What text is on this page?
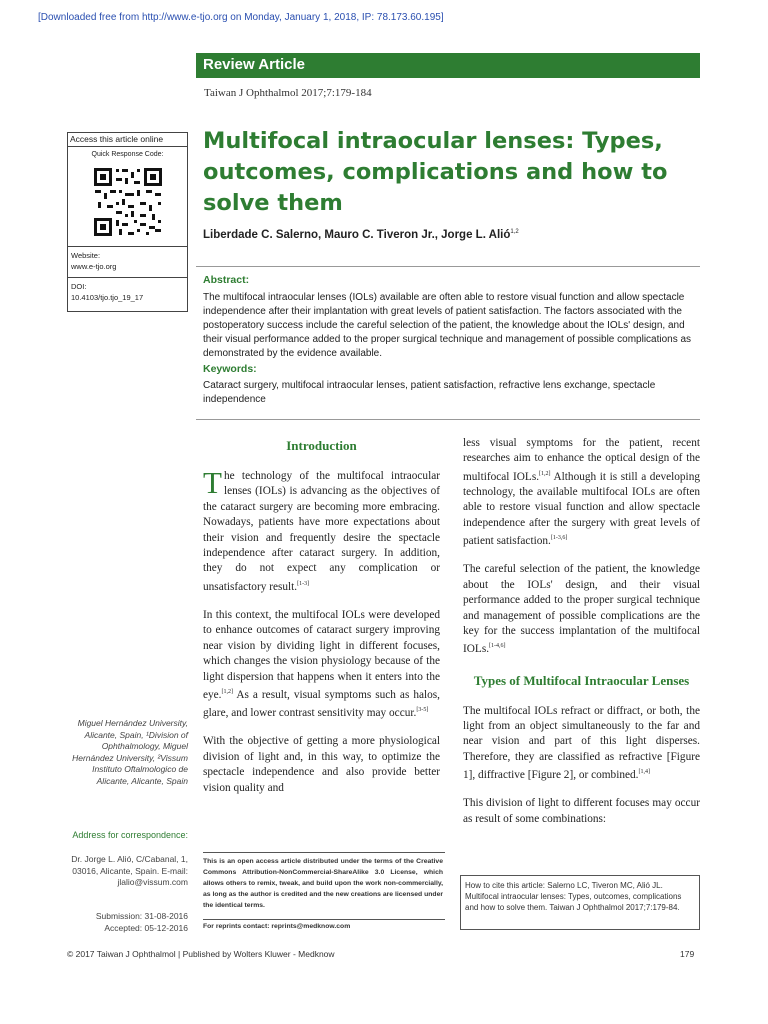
[Downloaded free from http://www.e-tjo.org on Monday, January 1, 2018, IP: 78.173.60.195]
Review Article
Taiwan J Ophthalmol 2017;7:179-184
Access this article online
Quick Response Code:
Website:
www.e-tjo.org
DOI:
10.4103/tjo.tjo_19_17
Multifocal intraocular lenses: Types, outcomes, complications and how to solve them
Liberdade C. Salerno, Mauro C. Tiveron Jr., Jorge L. Alió$^{1,2}$
Abstract:
The multifocal intraocular lenses (IOLs) available are often able to restore visual function and allow spectacle independence after their implantation with great levels of patient satisfaction. The factors associated with the postoperatory success include the careful selection of the patient, the knowledge about the IOLs' design, and their visual performance added to the proper surgical technique and management of possible complications as demonstrated by the evidence available.
Keywords:
Cataract surgery, multifocal intraocular lenses, patient satisfaction, refractive lens exchange, spectacle independence
Introduction

The technology of the multifocal intraocular lenses (IOLs) is advancing as the objectives of the cataract surgery are becoming more embracing. Nowadays, patients have more expectations about their vision and frequently desire the spectacle independence after cataract surgery. In addition, they do not expect any complication or unsatisfactory result.[1-3]

In this context, the multifocal IOLs were developed to enhance outcomes of cataract surgery improving near vision by dividing light in different focuses, which changes the vision physiology because of the light dispersion that happens when it enters into the eye.[1,2] As a result, visual symptoms such as halos, glare, and lower contrast sensitivity may occur.[3-5]

With the objective of getting a more physiological division of light and, in this way, to optimize the spectacle independence and also provide better vision quality and

less visual symptoms for the patient, recent researches aim to enhance the optical design of the multifocal IOLs.[1,2] Although it is still a developing technology, the available multifocal IOLs are often able to restore visual function and allow spectacle independence after the surgery with great levels of patient satisfaction.[1-3,6]

The careful selection of the patient, the knowledge about the IOLs' design, and their visual performance added to the proper surgical technique and management of possible complications are the key for the success implantation of the multifocal IOLs.[1-4,6]

Types of Multifocal Intraocular Lenses

The multifocal IOLs refract or diffract, or both, the light from an object simultaneously to the far and near vision and part of this light disperses. Therefore, they are classified as refractive [Figure 1], diffractive [Figure 2], or combined.[1,4]

This division of light to different focuses may occur as result of some combinations:

Miguel Hernández University, Alicante, Spain, ¹Division of Ophthalmology, Miguel Hernández University, ²Vissum Instituto Oftalmologico de Alicante, Alicante, Spain
Address for correspondence:
Dr. Jorge L. Alió, C/Cabanal, 1, 03016, Alicante, Spain. E-mail: jlalio@vissum.com
Submission: 31-08-2016
Accepted: 05-12-2016
This is an open access article distributed under the terms of the Creative Commons Attribution-NonCommercial-ShareAlike 3.0 License, which allows others to remix, tweak, and build upon the work non-commercially, as long as the author is credited and the new creations are licensed under the identical terms.
For reprints contact: reprints@medknow.com
How to cite this article: Salerno LC, Tiveron MC, Alió JL. Multifocal intraocular lenses: Types, outcomes, complications and how to solve them. Taiwan J Ophthalmol 2017;7:179-84.
© 2017 Taiwan J Ophthalmol | Published by Wolters Kluwer - Medknow	179
